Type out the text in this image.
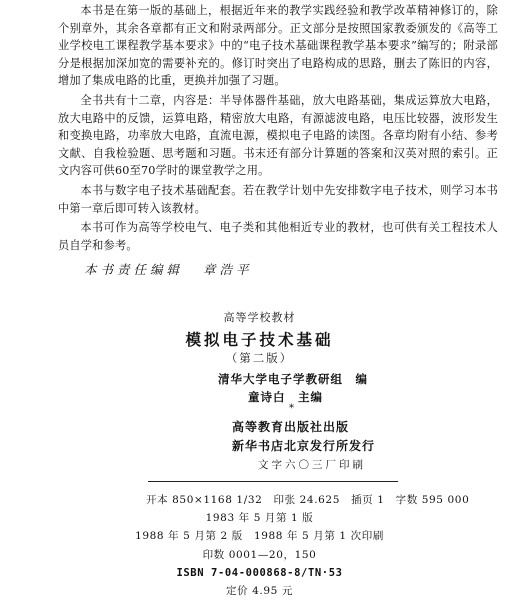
本书是在第一版的基础上，根据近年来的教学实践经验和教学改革精神修订的，除个别章外，其余各章都有正文和附录两部分。正文部分是按照国家教委颁发的《高等工业学校电工课程教学基本要求》中的“电子技术基础课程教学基本要求”编写的；附录部分是根据加深加宽的需要补充的。修订时突出了电路构成的思路，删去了陈旧的内容，增加了集成电路的比重，更换并加强了习题。

全书共有十二章，内容是：半导体器件基础，放大电路基础，集成运算放大电路，放大电路中的反馈，运算电路，精密放大电路，有源滤波电路，电压比较器，波形发生和变换电路，功率放大电路，直流电源，模拟电子电路的读图。各章均附有小结、参考文献、自我检验题、思考题和习题。书末还有部分计算题的答案和汉英对照的索引。正文内容可供60至70学时的课堂教学之用。

本书与数字电子技术基础配套。若在教学计划中先安排数字电子技术，则学习本书中第一章后即可转入该教材。

本书可作为高等学校电气、电子类和其他相近专业的教材，也可供有关工程技术人员自学和参考。

本书责任编辑 章浩平
高等学校教材
模拟电子技术基础
（第二版）
清华大学电子学教研组　编
童诗白　主编
*
高等教育出版社出版
新华书店北京发行所发行
文字六〇三厂印刷
开本 850×1168 1/32　印张 24.625　插页 1　字数 595 000
1983 年 5 月第 1 版
1988 年 5 月第 2 版　1988 年 5 月第 1 次印刷
印数 0001—20，150
ISBN 7-04-000868-8/TN·53
定价 4.95 元
